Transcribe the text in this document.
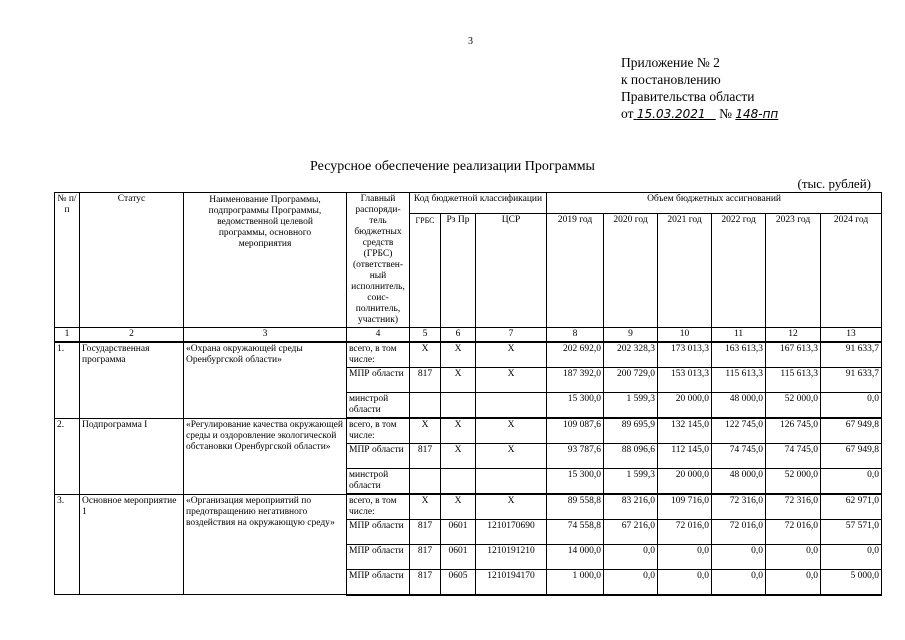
3
Приложение № 2
к постановлению
Правительства области
от 15.03.2021 № 148-пп
Ресурсное обеспечение реализации Программы
(тыс. рублей)
№ п/п	Статус	Наименование Программы, подпрограммы Программы, ведомственной целевой программы, основного мероприятия	Главный распоряди-тель бюджетных средств (ГРБС) (ответствен-ный исполнитель, соис-полнитель, участник)	Код бюджетной классификации			Объем бюджетных ассигнований					
				ГРБС	Рз Пр	ЦСР	2019 год	2020 год	2021 год	2022 год	2023 год	2024 год
1	2	3	4	5	6	7	8	9	10	11	12	13
1.	Государственная программа	«Охрана окружающей среды Оренбургской области»	всего, в том числе:	X	X	X	202 692,0	202 328,3	173 013,3	163 613,3	167 613,3	91 633,7
			МПР области	817	X	X	187 392,0	200 729,0	153 013,3	115 613,3	115 613,3	91 633,7
			минстрой области				15 300,0	1 599,3	20 000,0	48 000,0	52 000,0	0,0
2.	Подпрограмма I	«Регулирование качества окружающей среды и оздоровление экологической обстановки Оренбургской области»	всего, в том числе:	X	X	X	109 087,6	89 695,9	132 145,0	122 745,0	126 745,0	67 949,8
			МПР области	817	X	X	93 787,6	88 096,6	112 145,0	74 745,0	74 745,0	67 949,8
			минстрой области				15 300,0	1 599,3	20 000,0	48 000,0	52 000,0	0,0
3.	Основное мероприятие 1	«Организация мероприятий по предотвращению негативного воздействия на окружающую среду»	всего, в том числе:	X	X	X	89 558,8	83 216,0	109 716,0	72 316,0	72 316,0	62 971,0
			МПР области	817	0601	1210170690	74 558,8	67 216,0	72 016,0	72 016,0	72 016,0	57 571,0
			МПР области	817	0601	1210191210	14 000,0	0,0	0,0	0,0	0,0	0,0
			МПР области	817	0605	1210194170	1 000,0	0,0	0,0	0,0	0,0	5 000,0
